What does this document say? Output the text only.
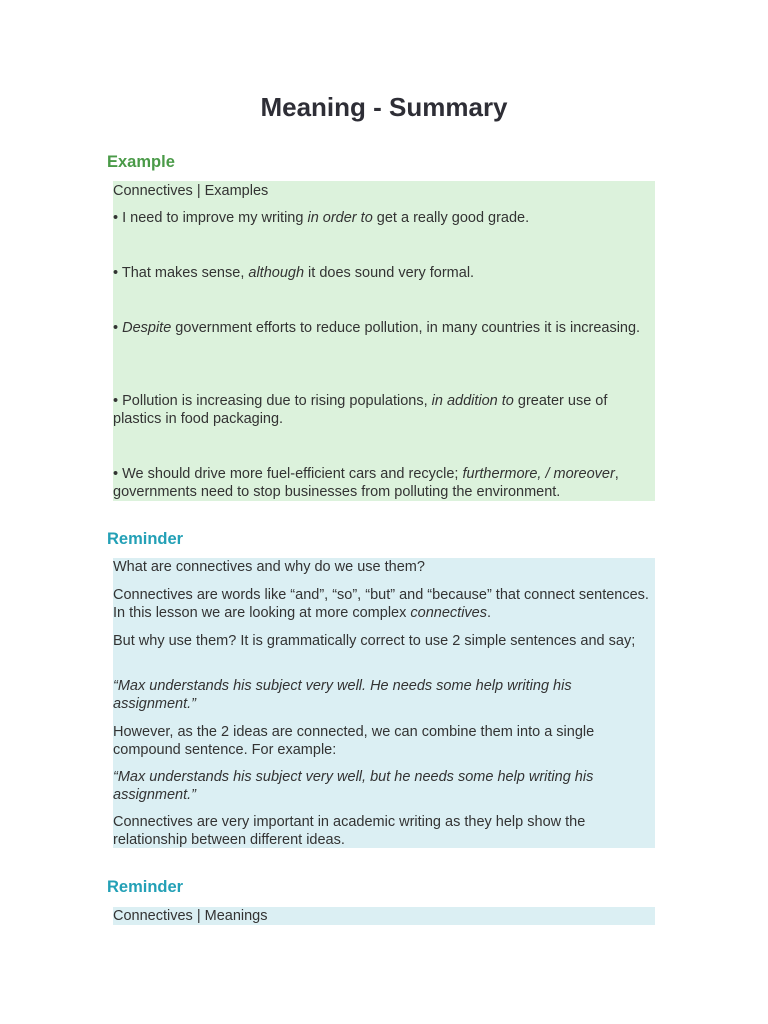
Meaning - Summary
Example
Connectives | Examples

• I need to improve my writing in order to get a really good grade.

• That makes sense, although it does sound very formal.

• Despite government efforts to reduce pollution, in many countries it is increasing.

• Pollution is increasing due to rising populations, in addition to greater use of plastics in food packaging.

• We should drive more fuel-efficient cars and recycle; furthermore, / moreover, governments need to stop businesses from polluting the environment.

Reminder

What are connectives and why do we use them?

Connectives are words like “and”, “so”, “but” and “because” that connect sentences. In this lesson we are looking at more complex connectives.

But why use them? It is grammatically correct to use 2 simple sentences and say;

“Max understands his subject very well. He needs some help writing his assignment.”

However, as the 2 ideas are connected, we can combine them into a single compound sentence. For example:

“Max understands his subject very well, but he needs some help writing his assignment.”

Connectives are very important in academic writing as they help show the relationship between different ideas.

Reminder
Connectives | Meanings
